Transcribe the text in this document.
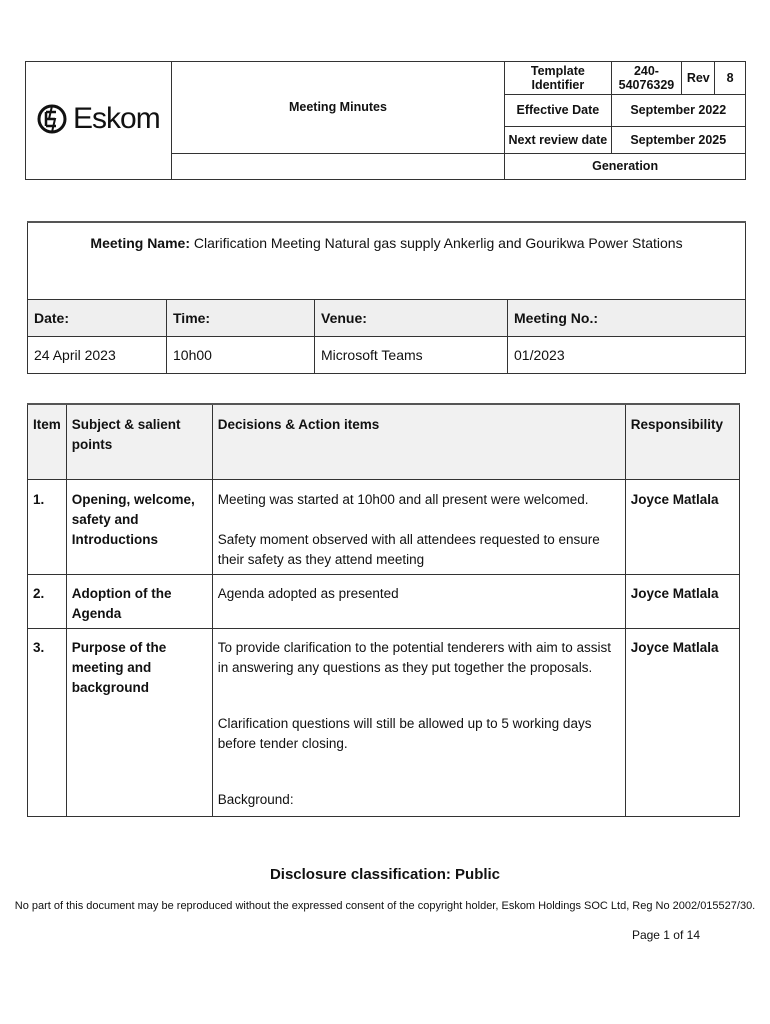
Eskom	Meeting Minutes	Template Identifier	240-54076329	Rev	8
		Effective Date	September 2022		
		Next review date	September 2025		
		Generation			
Meeting Name: Clarification Meeting Natural gas supply Ankerlig and Gourikwa Power Stations			
Date:	Time:	Venue:	Meeting No.:
24 April 2023	10h00	Microsoft Teams	01/2023
Item	Subject & salient points	Decisions & Action items	Responsibility
1.	Opening, welcome, safety and Introductions	Meeting was started at 10h00 and all present were welcomed.

Safety moment observed with all attendees requested to ensure their safety as they attend meeting	Joyce Matlala
2.	Adoption of the Agenda	Agenda adopted as presented	Joyce Matlala
3.	Purpose of the meeting and background	To provide clarification to the potential tenderers with aim to assist in answering any questions as they put together the proposals.

Clarification questions will still be allowed up to 5 working days before tender closing.

Background:	Joyce Matlala
Disclosure classification: Public
No part of this document may be reproduced without the expressed consent of the copyright holder, Eskom Holdings SOC Ltd, Reg No 2002/015527/30.
Page 1 of 14
